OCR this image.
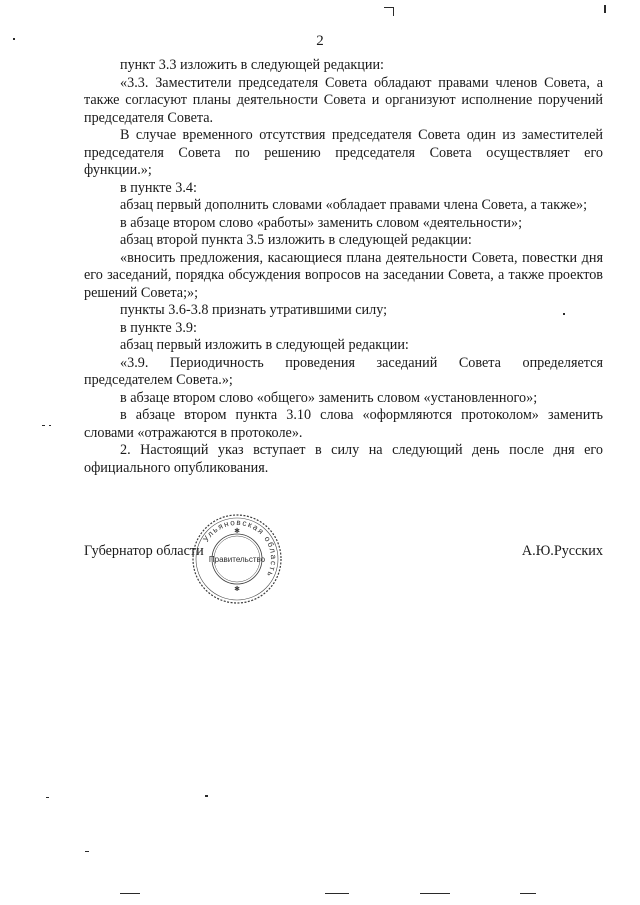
2

пункт 3.3 изложить в следующей редакции:

«3.3. Заместители председателя Совета обладают правами членов Совета, а также согласуют планы деятельности Совета и организуют исполнение поручений председателя Совета.

В случае временного отсутствия председателя Совета один из заместителей председателя Совета по решению председателя Совета осуществляет его функции.»;

в пункте 3.4:

абзац первый дополнить словами «обладает правами члена Совета, а также»;

в абзаце втором слово «работы» заменить словом «деятельности»;

абзац второй пункта 3.5 изложить в следующей редакции:

«вносить предложения, касающиеся плана деятельности Совета, повестки дня его заседаний, порядка обсуждения вопросов на заседании Совета, а также проектов решений Совета;»;

пункты 3.6-3.8 признать утратившими силу;

в пункте 3.9:

абзац первый изложить в следующей редакции:

«3.9. Периодичность проведения заседаний Совета определяется председателем Совета.»;

в абзаце втором слово «общего» заменить словом «установленного»;

в абзаце втором пункта 3.10 слова «оформляются протоколом» заменить словами «отражаются в протоколе».

2. Настоящий указ вступает в силу на следующий день после дня его официального опубликования.

Губернатор области	А.Ю.Русских
Ульяновская область
Правительство
✱
✱
